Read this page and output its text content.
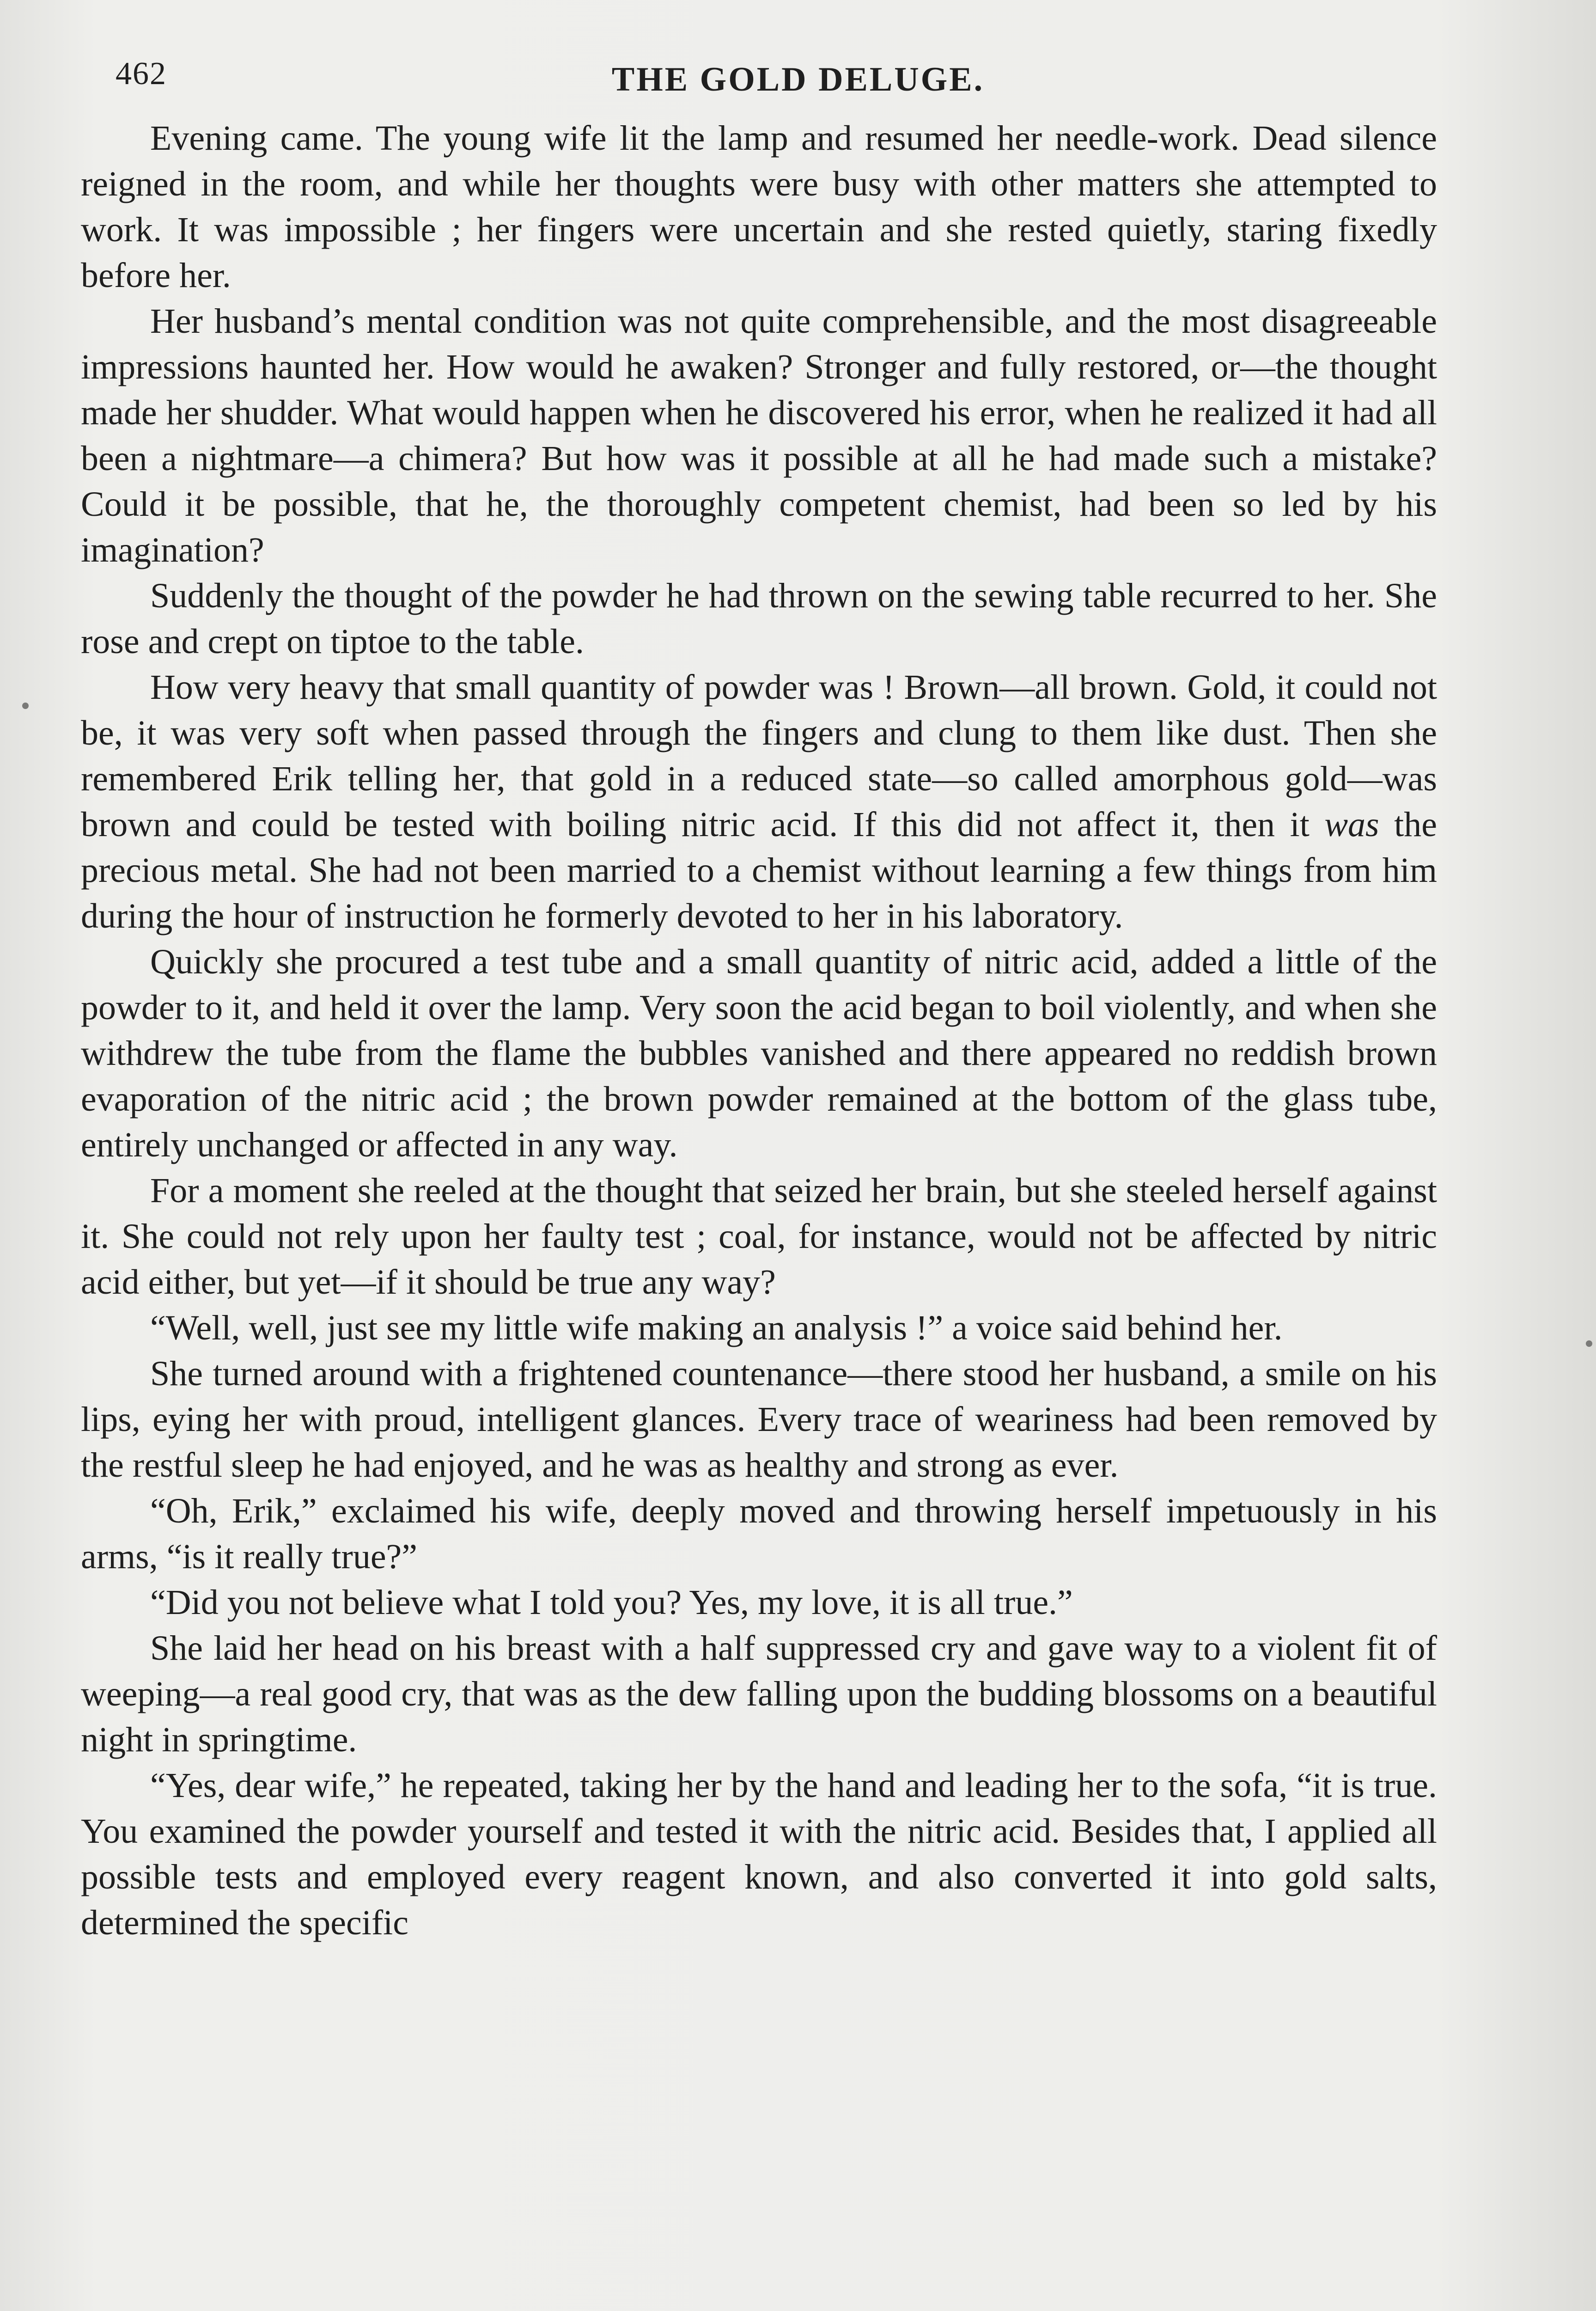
462	THE GOLD DELUGE.

Evening came. The young wife lit the lamp and resumed her needle-work. Dead silence reigned in the room, and while her thoughts were busy with other matters she attempted to work. It was impossible ; her fingers were uncertain and she rested quietly, staring fixedly before her.

Her husband’s mental condition was not quite comprehensible, and the most disagreeable impressions haunted her. How would he awaken? Stronger and fully restored, or—the thought made her shudder. What would happen when he discovered his error, when he realized it had all been a nightmare—a chimera? But how was it possible at all he had made such a mistake? Could it be possible, that he, the thoroughly competent chemist, had been so led by his imagination?

Suddenly the thought of the powder he had thrown on the sewing table recurred to her. She rose and crept on tiptoe to the table.

How very heavy that small quantity of powder was ! Brown—all brown. Gold, it could not be, it was very soft when passed through the fingers and clung to them like dust. Then she remembered Erik telling her, that gold in a reduced state—so called amorphous gold—was brown and could be tested with boiling nitric acid. If this did not affect it, then it was the precious metal. She had not been married to a chemist without learning a few things from him during the hour of instruction he formerly devoted to her in his laboratory.

Quickly she procured a test tube and a small quantity of nitric acid, added a little of the powder to it, and held it over the lamp. Very soon the acid began to boil violently, and when she withdrew the tube from the flame the bubbles vanished and there appeared no reddish brown evaporation of the nitric acid ; the brown powder remained at the bottom of the glass tube, entirely unchanged or affected in any way.

For a moment she reeled at the thought that seized her brain, but she steeled herself against it. She could not rely upon her faulty test ; coal, for instance, would not be affected by nitric acid either, but yet—if it should be true any way?

“Well, well, just see my little wife making an analysis !” a voice said behind her.

She turned around with a frightened countenance—there stood her husband, a smile on his lips, eying her with proud, intelligent glances. Every trace of weariness had been removed by the restful sleep he had enjoyed, and he was as healthy and strong as ever.

“Oh, Erik,” exclaimed his wife, deeply moved and throwing herself impetuously in his arms, “is it really true?”

“Did you not believe what I told you? Yes, my love, it is all true.”

She laid her head on his breast with a half suppressed cry and gave way to a violent fit of weeping—a real good cry, that was as the dew falling upon the budding blossoms on a beautiful night in springtime.

“Yes, dear wife,” he repeated, taking her by the hand and leading her to the sofa, “it is true. You examined the powder yourself and tested it with the nitric acid. Besides that, I applied all possible tests and employed every reagent known, and also converted it into gold salts, determined the specific
